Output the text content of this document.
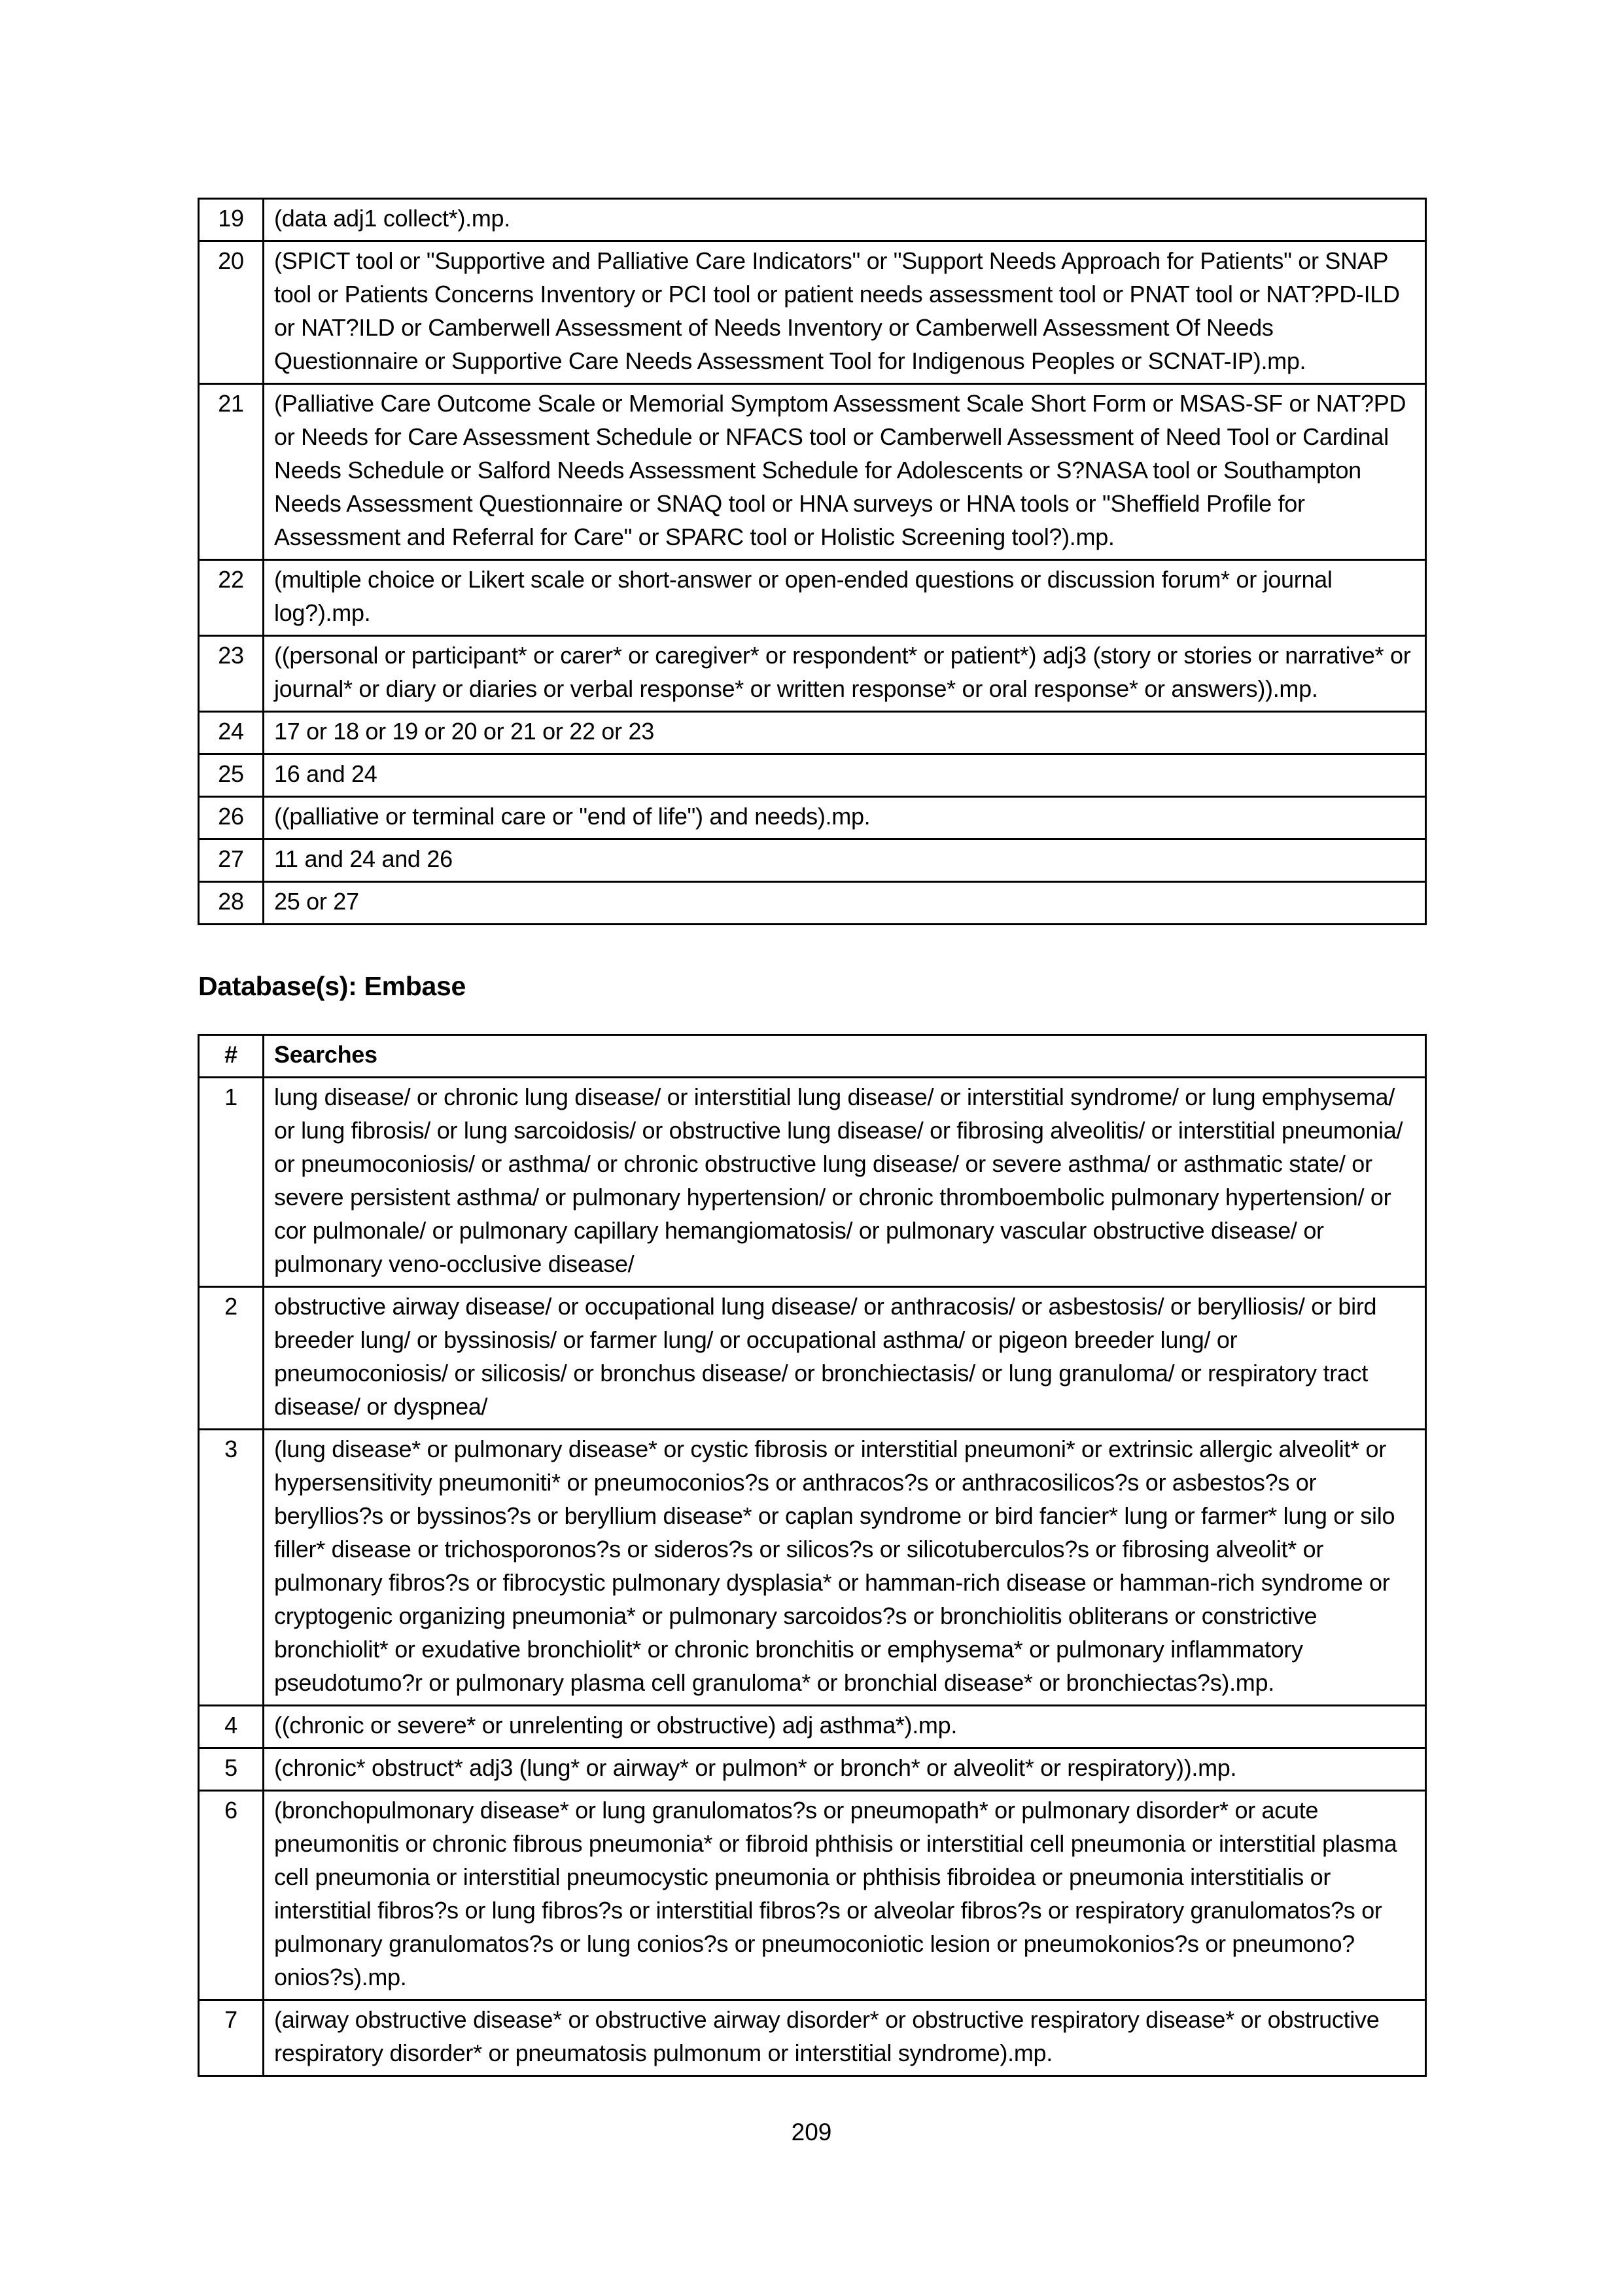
19	(data adj1 collect*).mp.
20	(SPICT tool or "Supportive and Palliative Care Indicators" or "Support Needs Approach for Patients" or SNAP tool or Patients Concerns Inventory or PCI tool or patient needs assessment tool or PNAT tool or NAT?PD-ILD or NAT?ILD or Camberwell Assessment of Needs Inventory or Camberwell Assessment Of Needs Questionnaire or Supportive Care Needs Assessment Tool for Indigenous Peoples or SCNAT-IP).mp.
21	(Palliative Care Outcome Scale or Memorial Symptom Assessment Scale Short Form or MSAS-SF or NAT?PD or Needs for Care Assessment Schedule or NFACS tool or Camberwell Assessment of Need Tool or Cardinal Needs Schedule or Salford Needs Assessment Schedule for Adolescents or S?NASA tool or Southampton Needs Assessment Questionnaire or SNAQ tool or HNA surveys or HNA tools or "Sheffield Profile for Assessment and Referral for Care" or SPARC tool or Holistic Screening tool?).mp.
22	(multiple choice or Likert scale or short-answer or open-ended questions or discussion forum* or journal log?).mp.
23	((personal or participant* or carer* or caregiver* or respondent* or patient*) adj3 (story or stories or narrative* or journal* or diary or diaries or verbal response* or written response* or oral response* or answers)).mp.
24	17 or 18 or 19 or 20 or 21 or 22 or 23
25	16 and 24
26	((palliative or terminal care or "end of life") and needs).mp.
27	11 and 24 and 26
28	25 or 27
Database(s): Embase
#	Searches
1	lung disease/ or chronic lung disease/ or interstitial lung disease/ or interstitial syndrome/ or lung emphysema/ or lung fibrosis/ or lung sarcoidosis/ or obstructive lung disease/ or fibrosing alveolitis/ or interstitial pneumonia/ or pneumoconiosis/ or asthma/ or chronic obstructive lung disease/ or severe asthma/ or asthmatic state/ or severe persistent asthma/ or pulmonary hypertension/ or chronic thromboembolic pulmonary hypertension/ or cor pulmonale/ or pulmonary capillary hemangiomatosis/ or pulmonary vascular obstructive disease/ or pulmonary veno-occlusive disease/
2	obstructive airway disease/ or occupational lung disease/ or anthracosis/ or asbestosis/ or berylliosis/ or bird breeder lung/ or byssinosis/ or farmer lung/ or occupational asthma/ or pigeon breeder lung/ or pneumoconiosis/ or silicosis/ or bronchus disease/ or bronchiectasis/ or lung granuloma/ or respiratory tract disease/ or dyspnea/
3	(lung disease* or pulmonary disease* or cystic fibrosis or interstitial pneumoni* or extrinsic allergic alveolit* or hypersensitivity pneumoniti* or pneumoconios?s or anthracos?s or anthracosilicos?s or asbestos?s or beryllios?s or byssinos?s or beryllium disease* or caplan syndrome or bird fancier* lung or farmer* lung or silo filler* disease or trichosporonos?s or sideros?s or silicos?s or silicotuberculos?s or fibrosing alveolit* or pulmonary fibros?s or fibrocystic pulmonary dysplasia* or hamman-rich disease or hamman-rich syndrome or cryptogenic organizing pneumonia* or pulmonary sarcoidos?s or bronchiolitis obliterans or constrictive bronchiolit* or exudative bronchiolit* or chronic bronchitis or emphysema* or pulmonary inflammatory pseudotumo?r or pulmonary plasma cell granuloma* or bronchial disease* or bronchiectas?s).mp.
4	((chronic or severe* or unrelenting or obstructive) adj asthma*).mp.
5	(chronic* obstruct* adj3 (lung* or airway* or pulmon* or bronch* or alveolit* or respiratory)).mp.
6	(bronchopulmonary disease* or lung granulomatos?s or pneumopath* or pulmonary disorder* or acute pneumonitis or chronic fibrous pneumonia* or fibroid phthisis or interstitial cell pneumonia or interstitial plasma cell pneumonia or interstitial pneumocystic pneumonia or phthisis fibroidea or pneumonia interstitialis or interstitial fibros?s or lung fibros?s or interstitial fibros?s or alveolar fibros?s or respiratory granulomatos?s or pulmonary granulomatos?s or lung conios?s or pneumoconiotic lesion or pneumokonios?s or pneumono?onios?s).mp.
7	(airway obstructive disease* or obstructive airway disorder* or obstructive respiratory disease* or obstructive respiratory disorder* or pneumatosis pulmonum or interstitial syndrome).mp.
209
